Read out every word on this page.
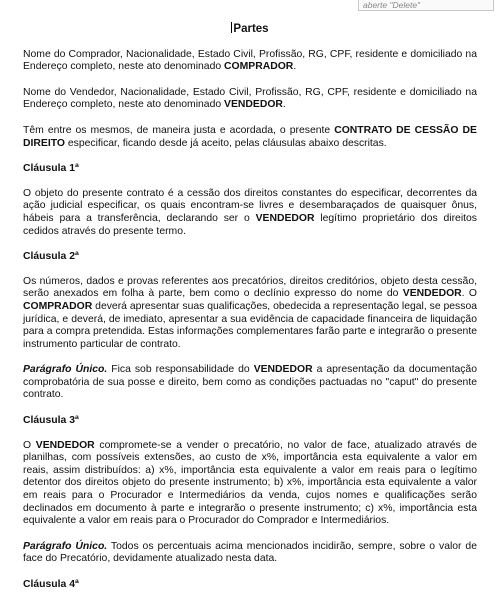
aberte "Delete"
Partes

Nome do Comprador, Nacionalidade, Estado Civil, Profissão, RG, CPF, residente e domiciliado na Endereço completo, neste ato denominado COMPRADOR.

Nome do Vendedor, Nacionalidade, Estado Civil, Profissão, RG, CPF, residente e domiciliado na Endereço completo, neste ato denominado VENDEDOR.

Têm entre os mesmos, de maneira justa e acordada, o presente CONTRATO DE CESSÃO DE DIREITO especificar, ficando desde já aceito, pelas cláusulas abaixo descritas.

Cláusula 1ª

O objeto do presente contrato é a cessão dos direitos constantes do especificar, decorrentes da ação judicial especificar, os quais encontram-se livres e desembaraçados de quaisquer ônus, hábeis para a transferência, declarando ser o VENDEDOR legítimo proprietário dos direitos cedidos através do presente termo.

Cláusula 2ª

Os números, dados e provas referentes aos precatórios, direitos creditórios, objeto desta cessão, serão anexados em folha à parte, bem como o declínio expresso do nome do VENDEDOR. O COMPRADOR deverá apresentar suas qualificações, obedecida a representação legal, se pessoa jurídica, e deverá, de imediato, apresentar a sua evidência de capacidade financeira de liquidação para a compra pretendida. Estas informações complementares farão parte e integrarão o presente instrumento particular de contrato.

Parágrafo Único. Fica sob responsabilidade do VENDEDOR a apresentação da documentação comprobatória de sua posse e direito, bem como as condições pactuadas no "caput" do presente contrato.

Cláusula 3ª

O VENDEDOR compromete-se a vender o precatório, no valor de face, atualizado através de planilhas, com possíveis extensões, ao custo de x%, importância esta equivalente a valor em reais, assim distribuídos: a) x%, importância esta equivalente a valor em reais para o legítimo detentor dos direitos objeto do presente instrumento; b) x%, importância esta equivalente a valor em reais para o Procurador e Intermediários da venda, cujos nomes e qualificações serão declinados em documento à parte e integrarão o presente instrumento; c) x%, importância esta equivalente a valor em reais para o Procurador do Comprador e Intermediários.

Parágrafo Único. Todos os percentuais acima mencionados incidirão, sempre, sobre o valor de face do Precatório, devidamente atualizado nesta data.

Cláusula 4ª
